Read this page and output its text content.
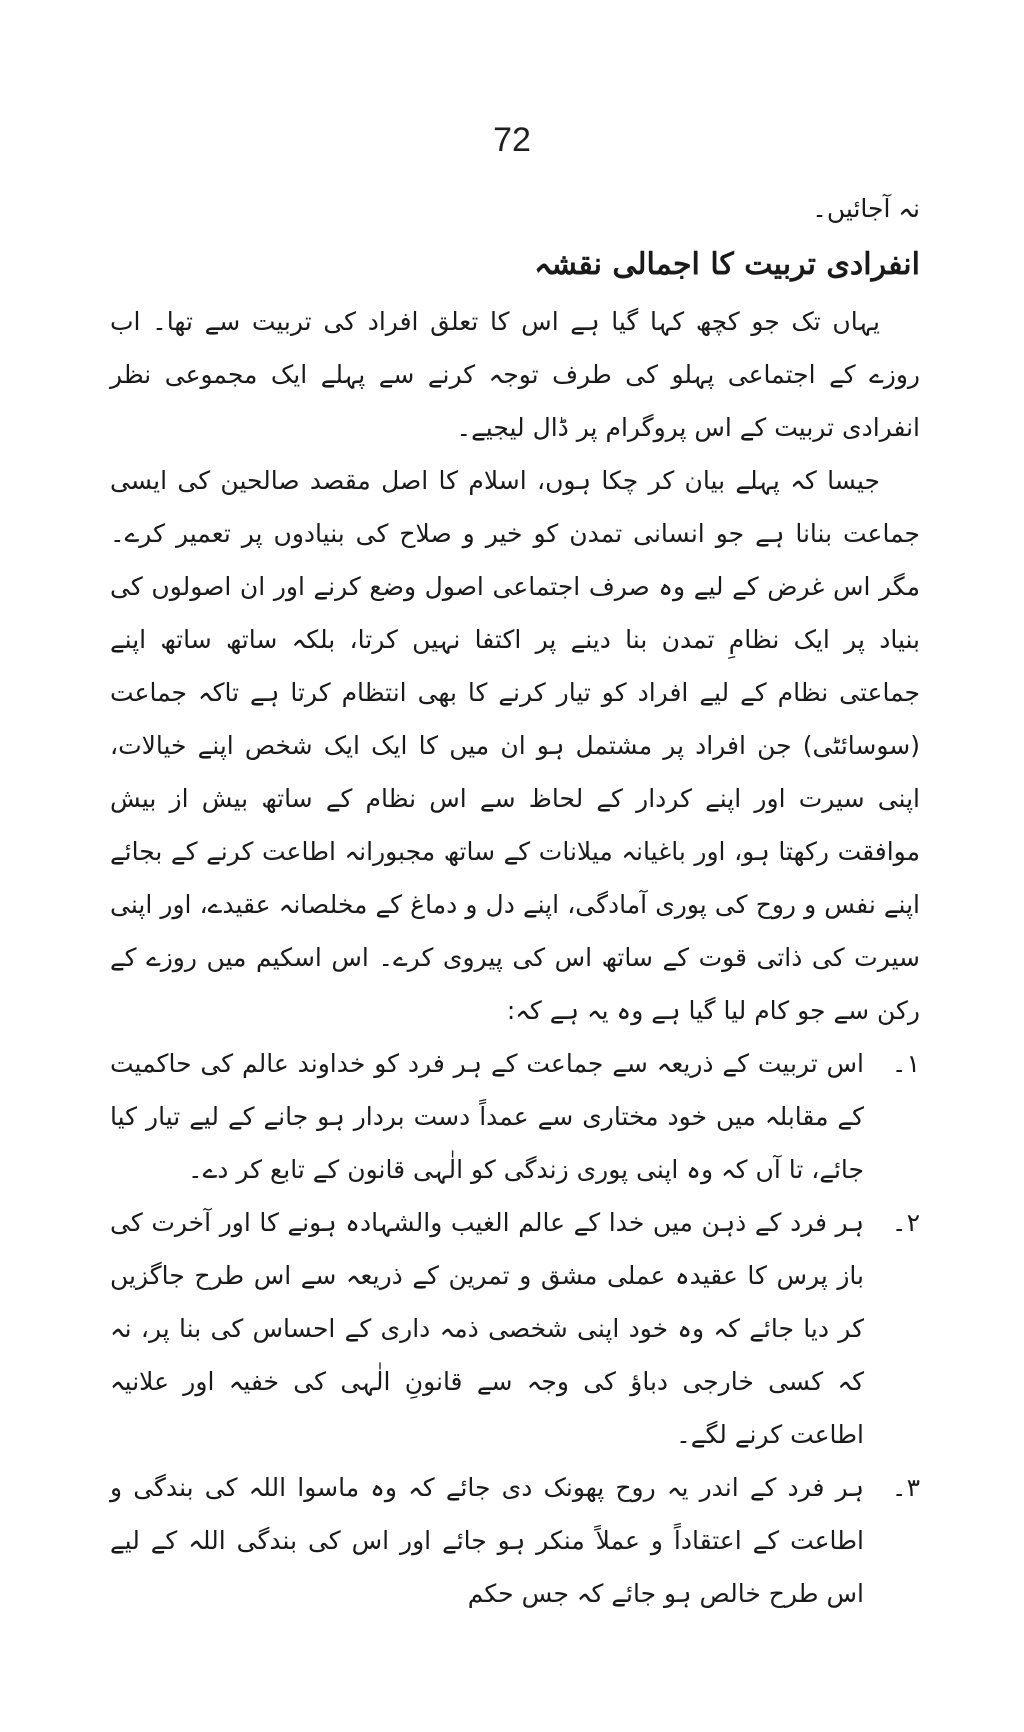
72

نہ آجائیں۔

انفرادی تربیت کا اجمالی نقشہ

یہاں تک جو کچھ کہا گیا ہے اس کا تعلق افراد کی تربیت سے تھا۔ اب روزے کے اجتماعی پہلو کی طرف توجہ کرنے سے پہلے ایک مجموعی نظر انفرادی تربیت کے اس پروگرام پر ڈال لیجیے۔

جیسا کہ پہلے بیان کر چکا ہوں، اسلام کا اصل مقصد صالحین کی ایسی جماعت بنانا ہے جو انسانی تمدن کو خیر و صلاح کی بنیادوں پر تعمیر کرے۔ مگر اس غرض کے لیے وہ صرف اجتماعی اصول وضع کرنے اور ان اصولوں کی بنیاد پر ایک نظامِ تمدن بنا دینے پر اکتفا نہیں کرتا، بلکہ ساتھ ساتھ اپنے جماعتی نظام کے لیے افراد کو تیار کرنے کا بھی انتظام کرتا ہے تاکہ جماعت (سوسائٹی) جن افراد پر مشتمل ہو ان میں کا ایک ایک شخص اپنے خیالات، اپنی سیرت اور اپنے کردار کے لحاظ سے اس نظام کے ساتھ بیش از بیش موافقت رکھتا ہو، اور باغیانہ میلانات کے ساتھ مجبورانہ اطاعت کرنے کے بجائے اپنے نفس و روح کی پوری آمادگی، اپنے دل و دماغ کے مخلصانہ عقیدے، اور اپنی سیرت کی ذاتی قوت کے ساتھ اس کی پیروی کرے۔ اس اسکیم میں روزے کے رکن سے جو کام لیا گیا ہے وہ یہ ہے کہ:

۱۔

اس تربیت کے ذریعہ سے جماعت کے ہر فرد کو خداوند عالم کی حاکمیت کے مقابلہ میں خود مختاری سے عمداً دست بردار ہو جانے کے لیے تیار کیا جائے، تا آں کہ وہ اپنی پوری زندگی کو الٰہی قانون کے تابع کر دے۔

۲۔

ہر فرد کے ذہن میں خدا کے عالم الغیب والشہادہ ہونے کا اور آخرت کی باز پرس کا عقیدہ عملی مشق و تمرین کے ذریعہ سے اس طرح جاگزیں کر دیا جائے کہ وہ خود اپنی شخصی ذمہ داری کے احساس کی بنا پر، نہ کہ کسی خارجی دباؤ کی وجہ سے قانونِ الٰہی کی خفیہ اور علانیہ اطاعت کرنے لگے۔

۳۔

ہر فرد کے اندر یہ روح پھونک دی جائے کہ وہ ماسوا اللہ کی بندگی و اطاعت کے اعتقاداً و عملاً منکر ہو جائے اور اس کی بندگی اللہ کے لیے اس طرح خالص ہو جائے کہ جس حکم
